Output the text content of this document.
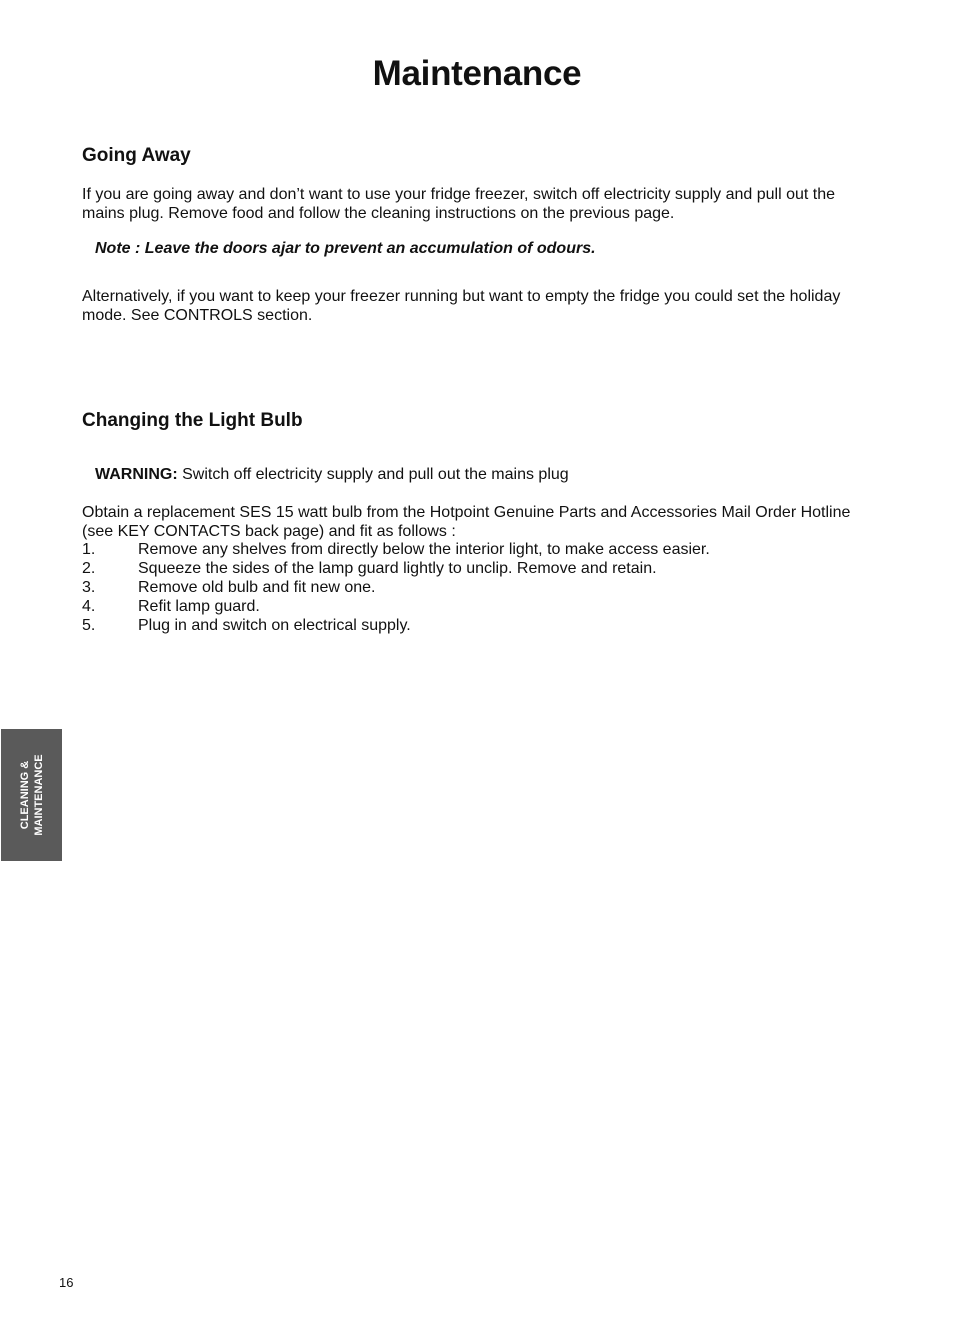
Maintenance
Going Away

If you are going away and don’t want to use your fridge freezer, switch off electricity supply and pull out the mains plug. Remove food and follow the cleaning instructions on the previous page.

Note : Leave the doors ajar to prevent an accumulation of odours.

Alternatively, if you want to keep your freezer running but want to empty the fridge you could set the holiday mode. See CONTROLS section.

Changing the Light Bulb

WARNING: Switch off electricity supply and pull out the mains plug

Obtain a replacement SES 15 watt bulb from the Hotpoint Genuine Parts and Accessories Mail Order Hotline (see KEY CONTACTS back page) and fit as follows :

1.	Remove any shelves from directly below the interior light, to make access easier.
2.	Squeeze the sides of the lamp guard lightly to unclip. Remove and retain.
3.	Remove old bulb and fit new one.
4.	Refit lamp guard.
5.	Plug in and switch on electrical supply.
CLEANING & MAINTENANCE
16
